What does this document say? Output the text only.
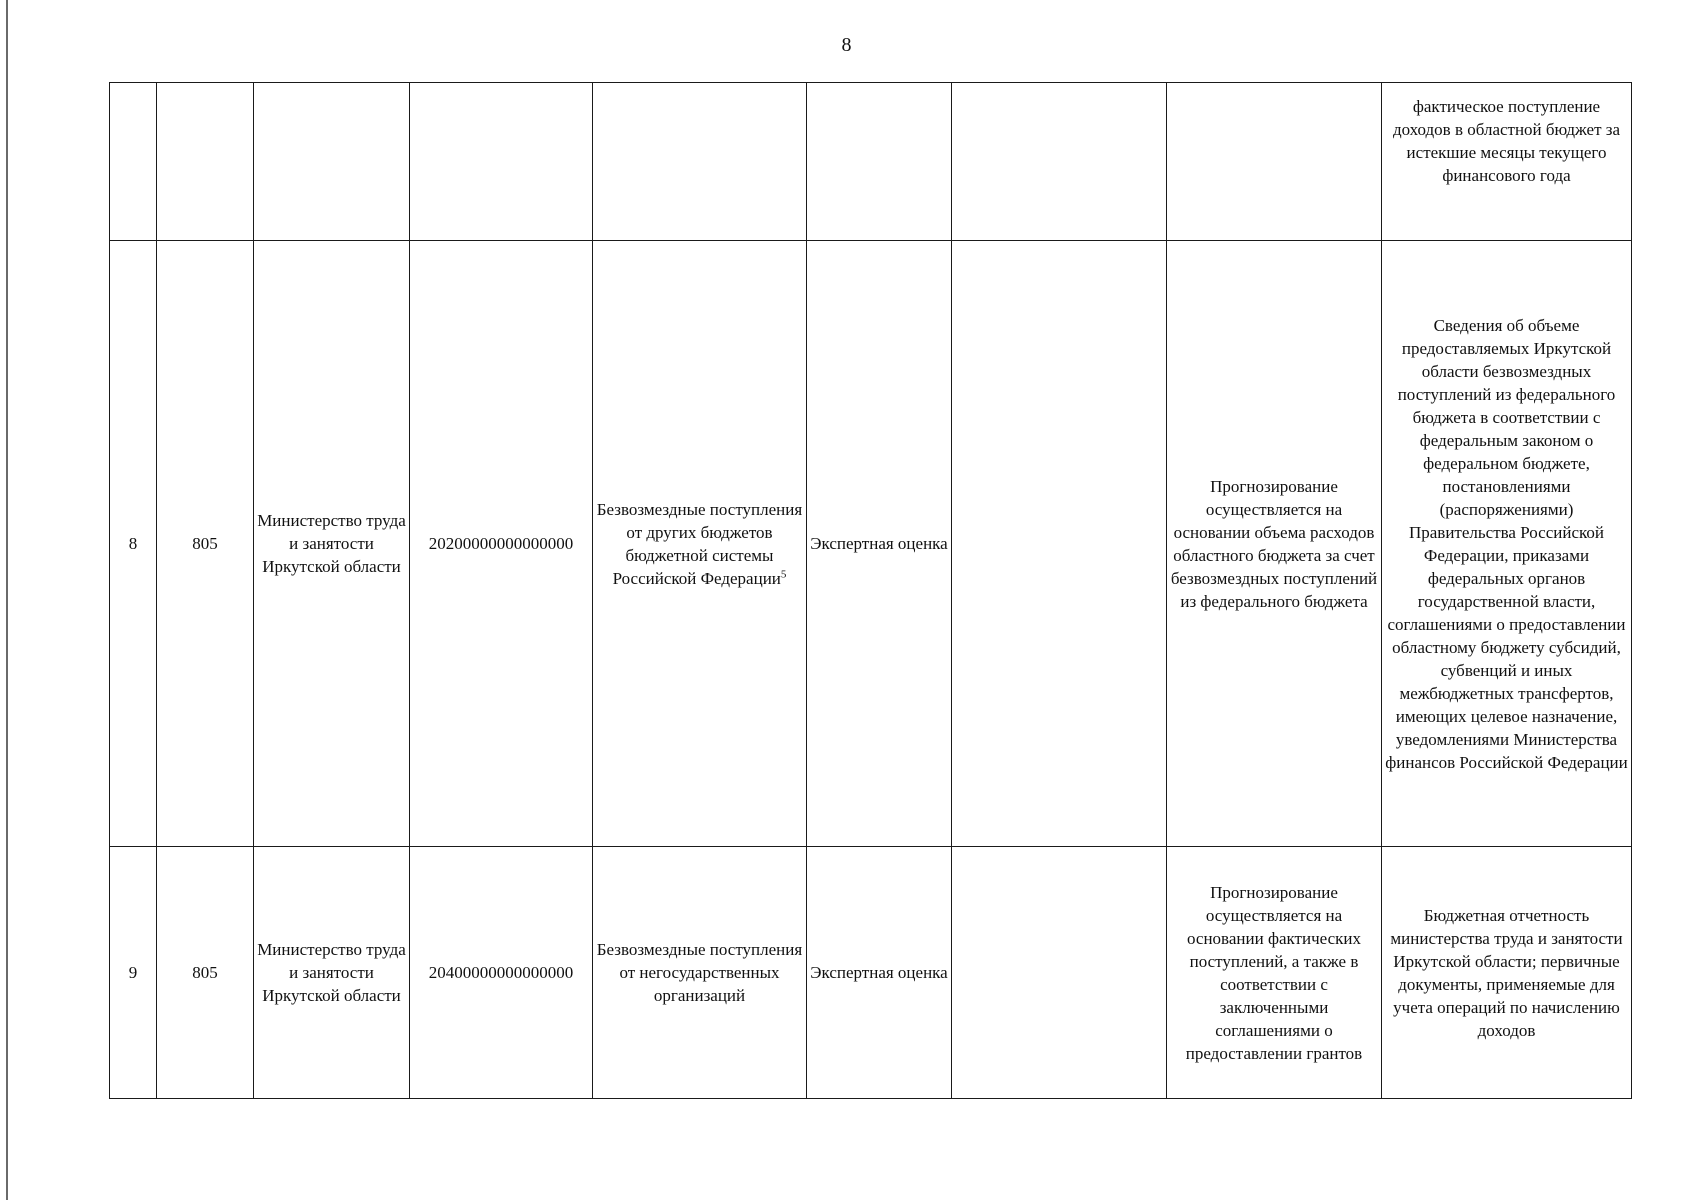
8
								фактическое поступление доходов в областной бюджет за истекшие месяцы текущего финансового года
8	805	Министерство труда и занятости Иркутской области	20200000000000000	Безвозмездные поступления от других бюджетов бюджетной системы Российской Федерации$^5$	Экспертная оценка		Прогнозирование осуществляется на основании объема расходов областного бюджета за счет безвозмездных поступлений из федерального бюджета	Сведения об объеме предоставляемых Иркутской области безвозмездных поступлений из федерального бюджета в соответствии с федеральным законом о федеральном бюджете, постановлениями (распоряжениями) Правительства Российской Федерации, приказами федеральных органов государственной власти, соглашениями о предоставлении областному бюджету субсидий, субвенций и иных межбюджетных трансфертов, имеющих целевое назначение, уведомлениями Министерства финансов Российской Федерации
9	805	Министерство труда и занятости Иркутской области	20400000000000000	Безвозмездные поступления от негосударственных организаций	Экспертная оценка		Прогнозирование осуществляется на основании фактических поступлений, а также в соответствии с заключенными соглашениями о предоставлении грантов	Бюджетная отчетность министерства труда и занятости Иркутской области; первичные документы, применяемые для учета операций по начислению доходов
